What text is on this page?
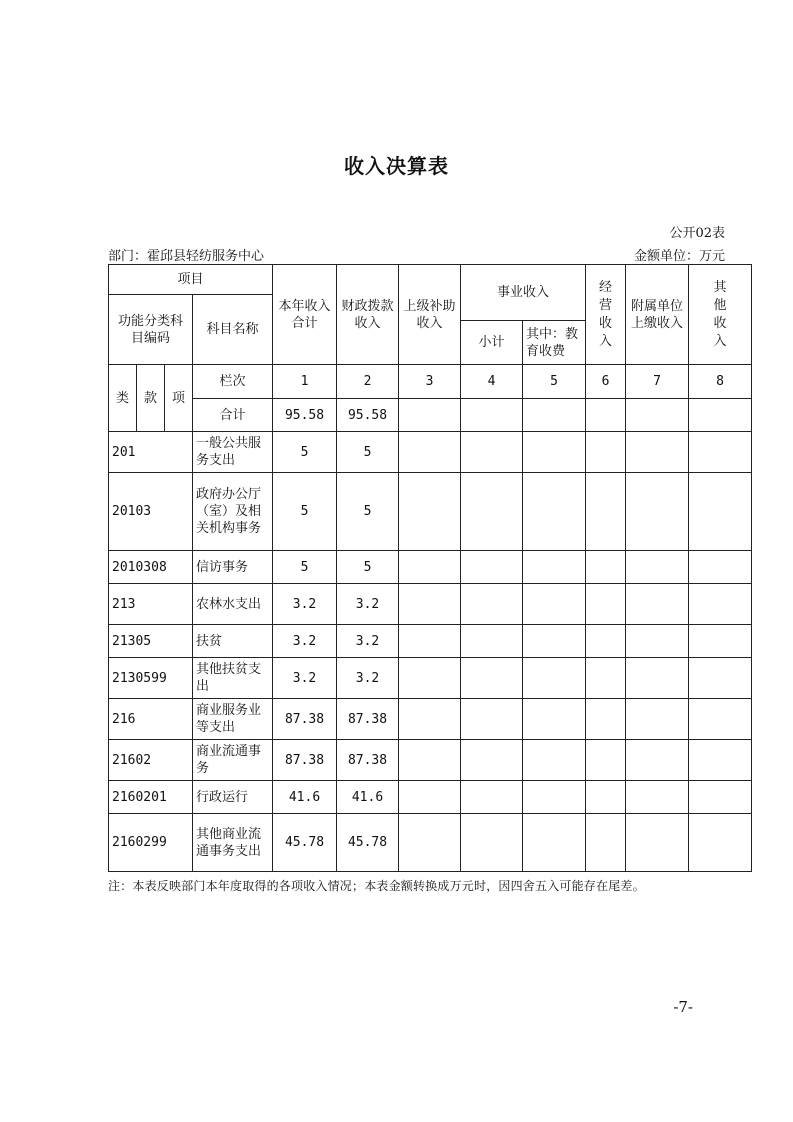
收入决算表
公开02表
部门：霍邱县轻纺服务中心	金额单位：万元
项目				本年收入合计	财政拨款收入	上级补助收入	事业收入		经营收入	附属单位上缴收入	其他收入
功能分类科目编码			科目名称								
							小计	其中：教育收费			
类	款	项	栏次	1	2	3	4	5	6	7	8
			合计	95.58	95.58						
201			一般公共服务支出	5	5						
20103			政府办公厅（室）及相关机构事务	5	5						
2010308			信访事务	5	5						
213			农林水支出	3.2	3.2						
21305			扶贫	3.2	3.2						
2130599			其他扶贫支出	3.2	3.2						
216			商业服务业等支出	87.38	87.38						
21602			商业流通事务	87.38	87.38						
2160201			行政运行	41.6	41.6						
2160299			其他商业流通事务支出	45.78	45.78						
注：本表反映部门本年度取得的各项收入情况；本表金额转换成万元时，因四舍五入可能存在尾差。
-7-
